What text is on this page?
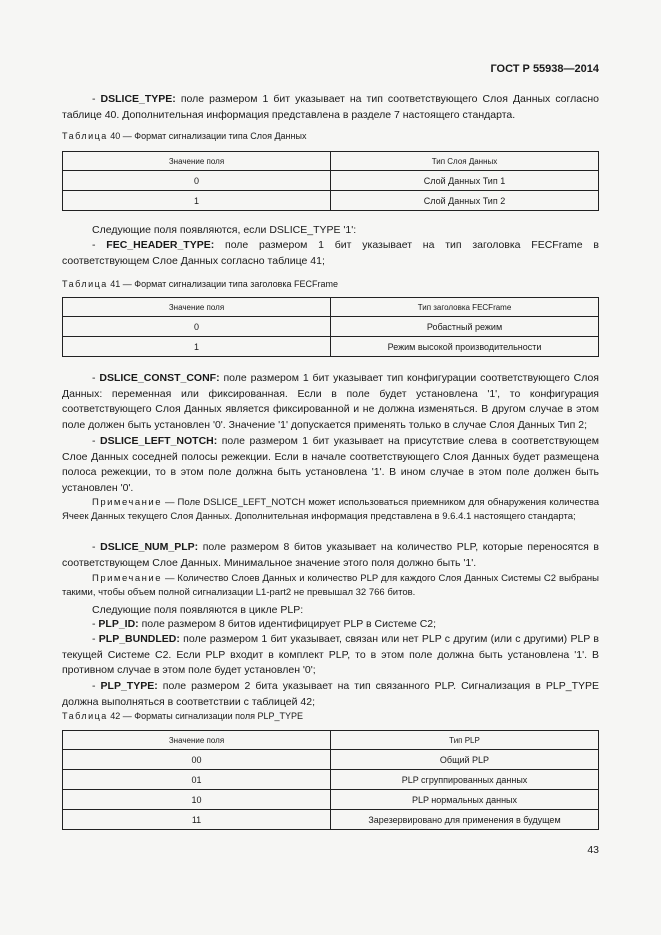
ГОСТ Р 55938—2014
- DSLICE_TYPE: поле размером 1 бит указывает на тип соответствующего Слоя Данных согласно таблице 40. Дополнительная информация представлена в разделе 7 настоящего стандарта.
Таблица 40 — Формат сигнализации типа Слоя Данных
Значение поля	Тип Слоя Данных
0	Слой Данных Тип 1
1	Слой Данных Тип 2
Следующие поля появляются, если DSLICE_TYPE '1':
- FEC_HEADER_TYPE: поле размером 1 бит указывает на тип заголовка FECFrame в соответствующем Слое Данных согласно таблице 41;
Таблица 41 — Формат сигнализации типа заголовка FECFrame
Значение поля	Тип заголовка FECFrame
0	Робастный режим
1	Режим высокой производительности
- DSLICE_CONST_CONF: поле размером 1 бит указывает тип конфигурации соответствующего Слоя Данных: переменная или фиксированная. Если в поле будет установлена '1', то конфигурация соответствующего Слоя Данных является фиксированной и не должна изменяться. В другом случае в этом поле должен быть установлен '0'. Значение '1' допускается применять только в случае Слоя Данных Тип 2;
- DSLICE_LEFT_NOTCH: поле размером 1 бит указывает на присутствие слева в соответствующем Слое Данных соседней полосы режекции. Если в начале соответствующего Слоя Данных будет размещена полоса режекции, то в этом поле должна быть установлена '1'. В ином случае в этом поле должен быть установлен '0'.
Примечание — Поле DSLICE_LEFT_NOTCH может использоваться приемником для обнаружения количества Ячеек Данных текущего Слоя Данных. Дополнительная информация представлена в 9.6.4.1 настоящего стандарта;
- DSLICE_NUM_PLP: поле размером 8 битов указывает на количество PLP, которые переносятся в соответствующем Слое Данных. Минимальное значение этого поля должно быть '1'.
Примечание — Количество Слоев Данных и количество PLP для каждого Слоя Данных Системы С2 выбраны такими, чтобы объем полной сигнализации L1-part2 не превышал 32 766 битов.
Следующие поля появляются в цикле PLP:
- PLP_ID: поле размером 8 битов идентифицирует PLP в Системе С2;
- PLP_BUNDLED: поле размером 1 бит указывает, связан или нет PLP с другим (или с другими) PLP в текущей Системе С2. Если PLP входит в комплект PLP, то в этом поле должна быть установлена '1'. В противном случае в этом поле будет установлен '0';
- PLP_TYPE: поле размером 2 бита указывает на тип связанного PLP. Сигнализация в PLP_TYPE должна выполняться в соответствии с таблицей 42;
Таблица 42 — Форматы сигнализации поля PLP_TYPE
Значение поля	Тип PLP
00	Общий PLP
01	PLP сгруппированных данных
10	PLP нормальных данных
11	Зарезервировано для применения в будущем
43
